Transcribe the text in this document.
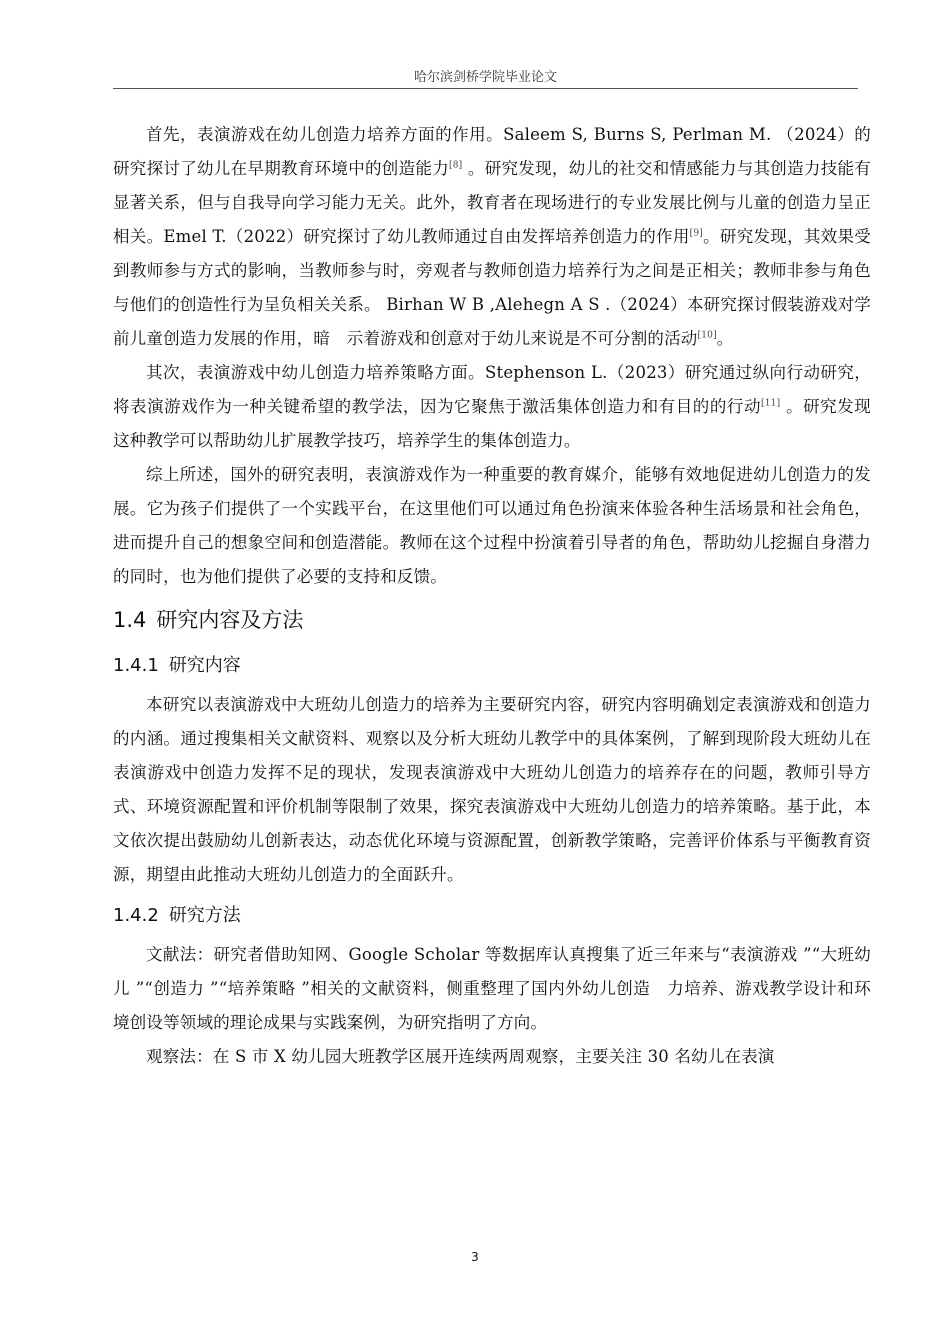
哈尔滨剑桥学院毕业论文

首先，表演游戏在幼儿创造力培养方面的作用。Saleem S, Burns S, Perlman M. （2024）的研究探讨了幼儿在早期教育环境中的创造能力[8] 。研究发现，幼儿的社交和情感能力与其创造力技能有显著关系，但与自我导向学习能力无关。此外，教育者在现场进行的专业发展比例与儿童的创造力呈正相关。Emel T.（2022）研究探讨了幼儿教师通过自由发挥培养创造力的作用[9]。研究发现，其效果受到教师参与方式的影响，当教师参与时，旁观者与教师创造力培养行为之间是正相关；教师非参与角色与他们的创造性行为呈负相关关系。 Birhan W B ,Alehegn A S .（2024）本研究探讨假装游戏对学前儿童创造力发展的作用，暗　示着游戏和创意对于幼儿来说是不可分割的活动[10]。

其次，表演游戏中幼儿创造力培养策略方面。Stephenson L.（2023）研究通过纵向行动研究，将表演游戏作为一种关键希望的教学法，因为它聚焦于激活集体创造力和有目的的行动[11] 。研究发现这种教学可以帮助幼儿扩展教学技巧，培养学生的集体创造力。

综上所述，国外的研究表明，表演游戏作为一种重要的教育媒介，能够有效地促进幼儿创造力的发展。它为孩子们提供了一个实践平台，在这里他们可以通过角色扮演来体验各种生活场景和社会角色，进而提升自己的想象空间和创造潜能。教师在这个过程中扮演着引导者的角色，帮助幼儿挖掘自身潜力的同时，也为他们提供了必要的支持和反馈。

1.4 研究内容及方法
1.4.1 研究内容

本研究以表演游戏中大班幼儿创造力的培养为主要研究内容，研究内容明确划定表演游戏和创造力的内涵。通过搜集相关文献资料、观察以及分析大班幼儿教学中的具体案例，了解到现阶段大班幼儿在表演游戏中创造力发挥不足的现状，发现表演游戏中大班幼儿创造力的培养存在的问题，教师引导方式、环境资源配置和评价机制等限制了效果，探究表演游戏中大班幼儿创造力的培养策略。基于此，本文依次提出鼓励幼儿创新表达，动态优化环境与资源配置，创新教学策略，完善评价体系与平衡教育资源，期望由此推动大班幼儿创造力的全面跃升。

1.4.2 研究方法

文献法：研究者借助知网、Google Scholar 等数据库认真搜集了近三年来与“表演游戏 ”“大班幼儿 ”“创造力 ”“培养策略 ”相关的文献资料，侧重整理了国内外幼儿创造　力培养、游戏教学设计和环境创设等领域的理论成果与实践案例，为研究指明了方向。

观察法：在 S 市 X 幼儿园大班教学区展开连续两周观察，主要关注 30 名幼儿在表演

3
